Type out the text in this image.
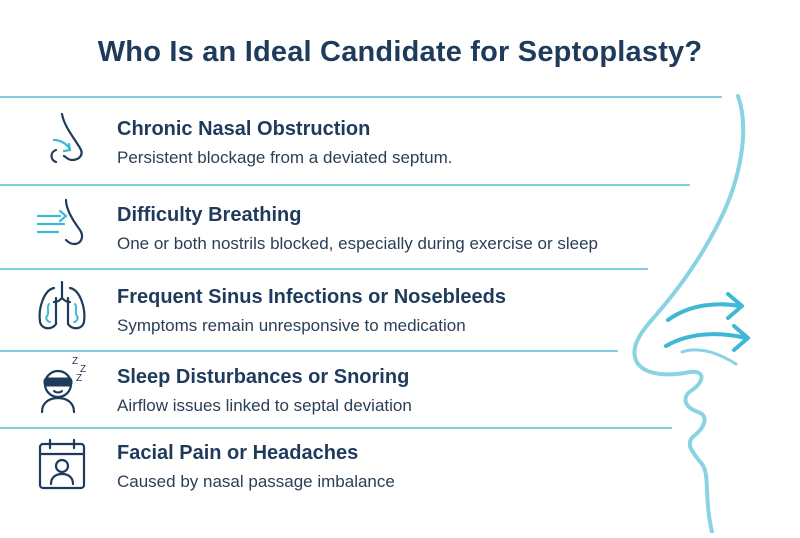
Who Is an Ideal Candidate for Septoplasty?
Chronic Nasal Obstruction
Persistent blockage from a deviated septum.
Difficulty Breathing
One or both nostrils blocked, especially during exercise or sleep
Frequent Sinus Infections or Nosebleeds
Symptoms remain unresponsive to medication
Z
Z
Z Sleep Disturbances or Snoring
Airflow issues linked to septal deviation
Facial Pain or Headaches
Caused by nasal passage imbalance
